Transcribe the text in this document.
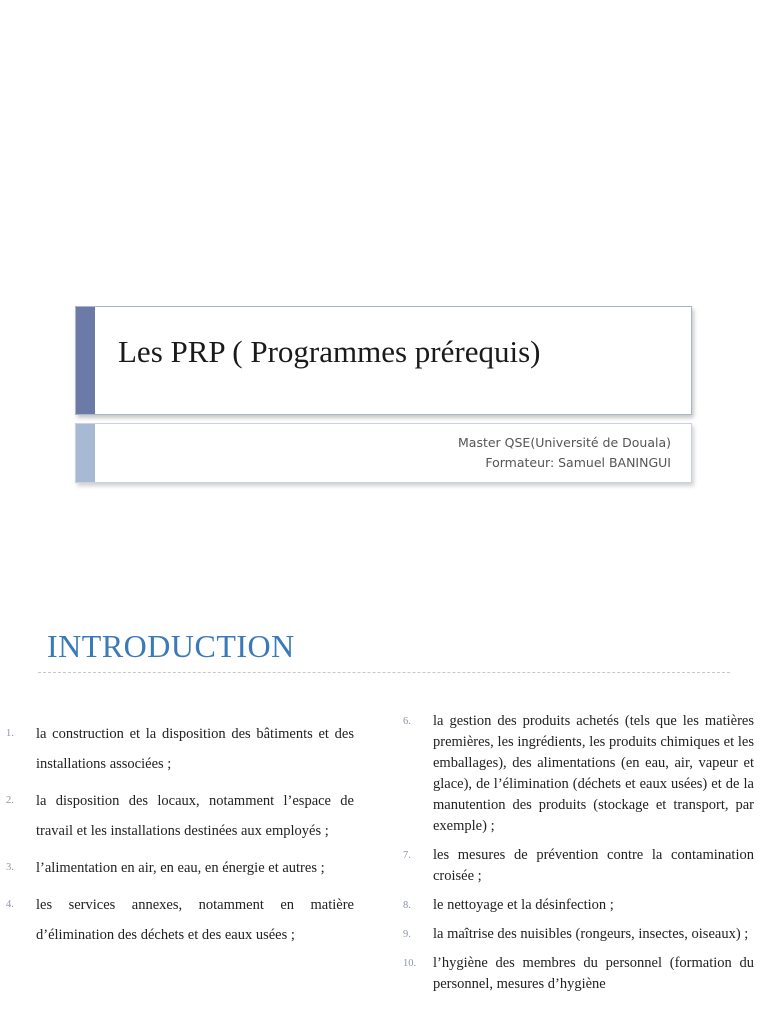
Les PRP ( Programmes prérequis)
Master QSE(Université de Douala)
Formateur: Samuel BANINGUI
INTRODUCTION
1. la construction et la disposition des bâtiments et des installations associées ;
2. la disposition des locaux, notamment l’espace de travail et les installations destinées aux employés ;
3. l’alimentation en air, en eau, en énergie et autres ;
4. les services annexes, notamment en matière d’élimination des déchets et des eaux usées ;
6. la gestion des produits achetés (tels que les matières premières, les ingrédients, les produits chimiques et les emballages), des alimentations (en eau, air, vapeur et glace), de l’élimination (déchets et eaux usées) et de la manutention des produits (stockage et transport, par exemple) ;
7. les mesures de prévention contre la contamination croisée ;
8. le nettoyage et la désinfection ;
9. la maîtrise des nuisibles (rongeurs, insectes, oiseaux) ;
10. l’hygiène des membres du personnel (formation du personnel, mesures d’hygiène
